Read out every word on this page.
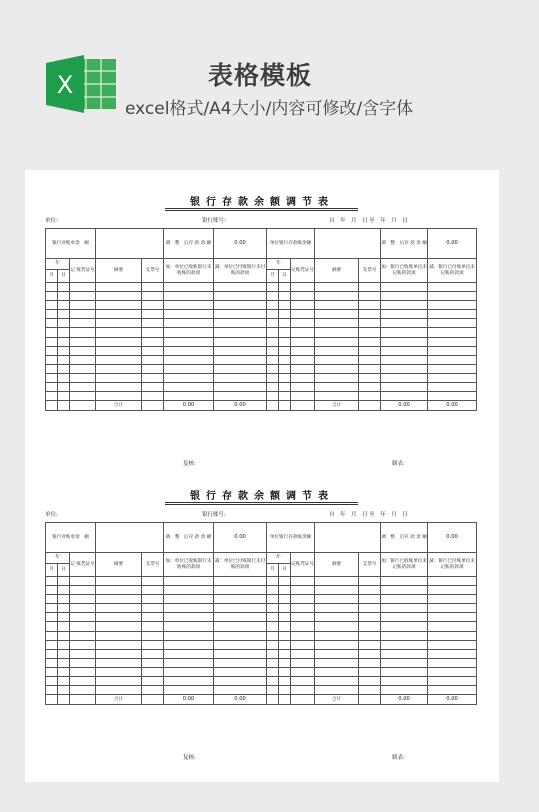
X	表格模板
excel格式/A4大小/内容可修改/含字体
银行存款余额调节表
单位:	银行账号:	自　年　月　日 至　年　月　日
银行对账单余　额					调　整　后存 款 余 额	0.00	单位银行存款账余额					调　整　后存 款 余 额	0.00
年		记 账凭证号	摘要	支票号	加：单位已收账银行未收账的款项	减：单位已付账银行未付账的款项	年		记账凭证号	摘要	支票号	加：银行已收账单位未记账的款项	减：银行已付账单位未记账的款项
月	日						月	日					

			合计		0.00	0.00				合计		0.00	0.00
复核:	制表:
银行存款余额调节表
单位:	银行账号:	自　年　月　日 至　年　月　日
银行对账单余　额					调　整　后存 款 余 额	0.00	单位银行存款账余额					调　整　后存 款 余 额	0.00
年		记 账凭证号	摘要	支票号	加：单位已收账银行未收账的款项	减：单位已付账银行未付账的款项	年		记账凭证号	摘要	支票号	加：银行已收账单位未记账的款项	减：银行已付账单位未记账的款项
月	日						月	日					

			合计		0.00	0.00				合计		0.00	0.00
复核:	制表:
